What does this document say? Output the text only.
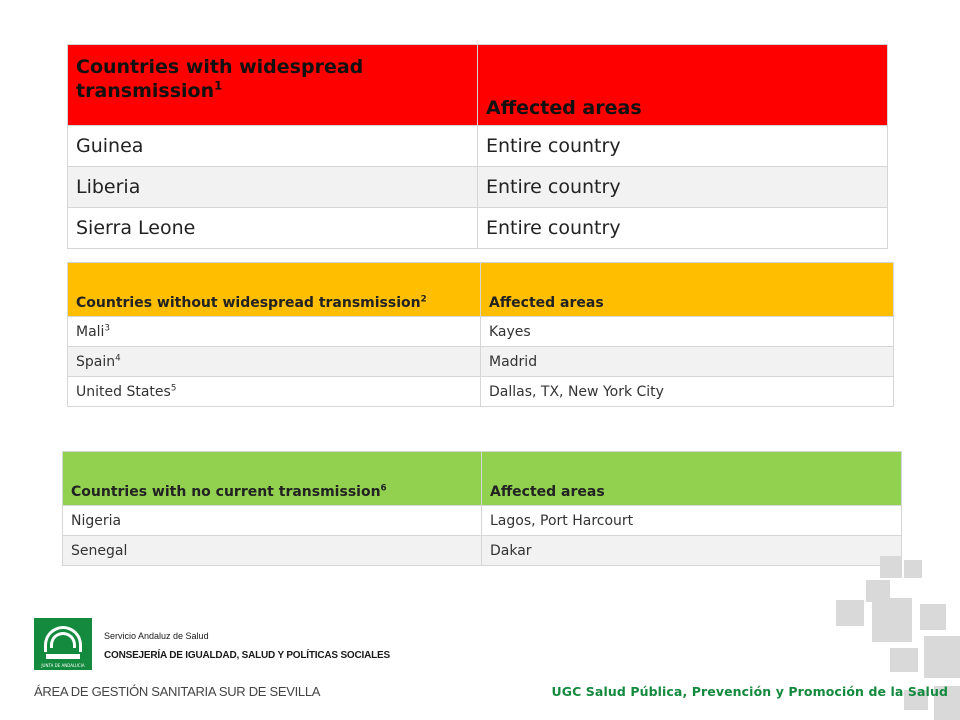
Countries with widespread transmission$^1$	Affected areas
Guinea	Entire country
Liberia	Entire country
Sierra Leone	Entire country
Countries without widespread transmission$^2$	Affected areas
Mali$^3$	Kayes
Spain$^4$	Madrid
United States$^5$	Dallas, TX, New York City
Countries with no current transmission$^6$	Affected areas
Nigeria	Lagos, Port Harcourt
Senegal	Dakar
JUNTA DE ANDALUCIA
Servicio Andaluz de Salud
CONSEJERÍA DE IGUALDAD, SALUD Y POLÍTICAS SOCIALES
ÁREA DE GESTIÓN SANITARIA SUR DE SEVILLA	UGC Salud Pública, Prevención y Promoción de la Salud
